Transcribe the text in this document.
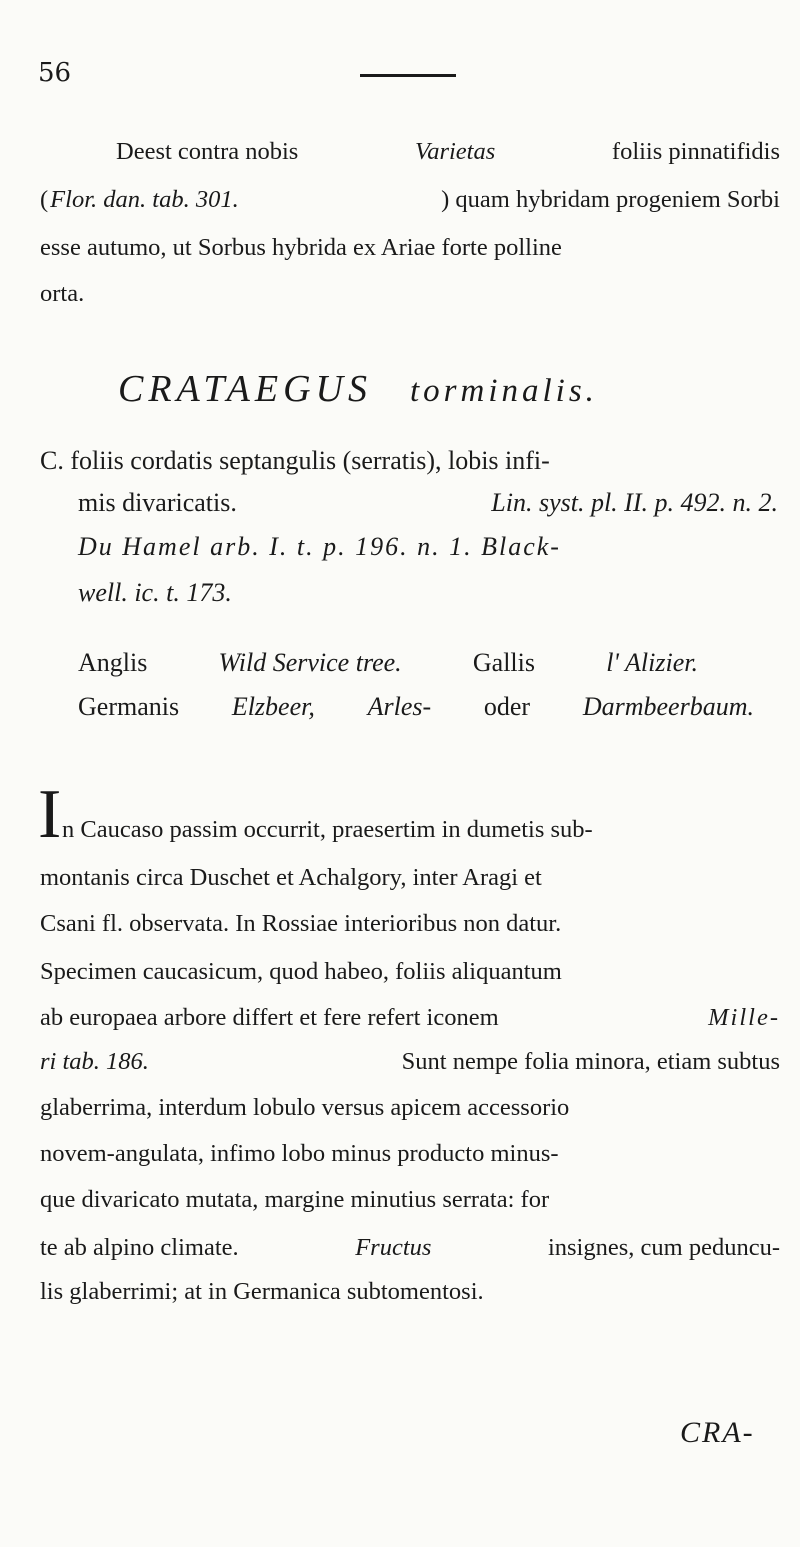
56
Deest contra nobis	Varietas	foliis pinnatifidis
( Flor. dan. tab. 301.	) quam hybridam progeniem Sorbi
esse autumo, ut Sorbus hybrida ex Ariae forte polline
orta.
CRATAEGUS torminalis.
C. foliis cordatis septangulis (serratis), lobis infi-
mis divaricatis.	Lin. syst. pl. II. p. 492. n. 2.
Du Hamel arb. I. t. p. 196. n. 1. Black-
well. ic. t. 173.
Anglis	Wild Service tree.	Gallis	l' Alizier.
Germanis Elzbeer, Arles- oder Darmbeerbaum.
I n Caucaso passim occurrit, praesertim in dumetis sub-
montanis circa Duschet et Achalgory, inter Aragi et
Csani fl. observata. In Rossiae interioribus non datur.
Specimen caucasicum, quod habeo, foliis aliquantum
ab europaea arbore differt et fere refert iconem	Mille-
ri tab. 186.	Sunt nempe folia minora, etiam subtus
glaberrima, interdum lobulo versus apicem accessorio
novem-angulata, infimo lobo minus producto minus-
que divaricato mutata, margine minutius serrata: for
te ab alpino climate.	Fructus	insignes, cum peduncu-
lis glaberrimi; at in Germanica subtomentosi.
CRA-
